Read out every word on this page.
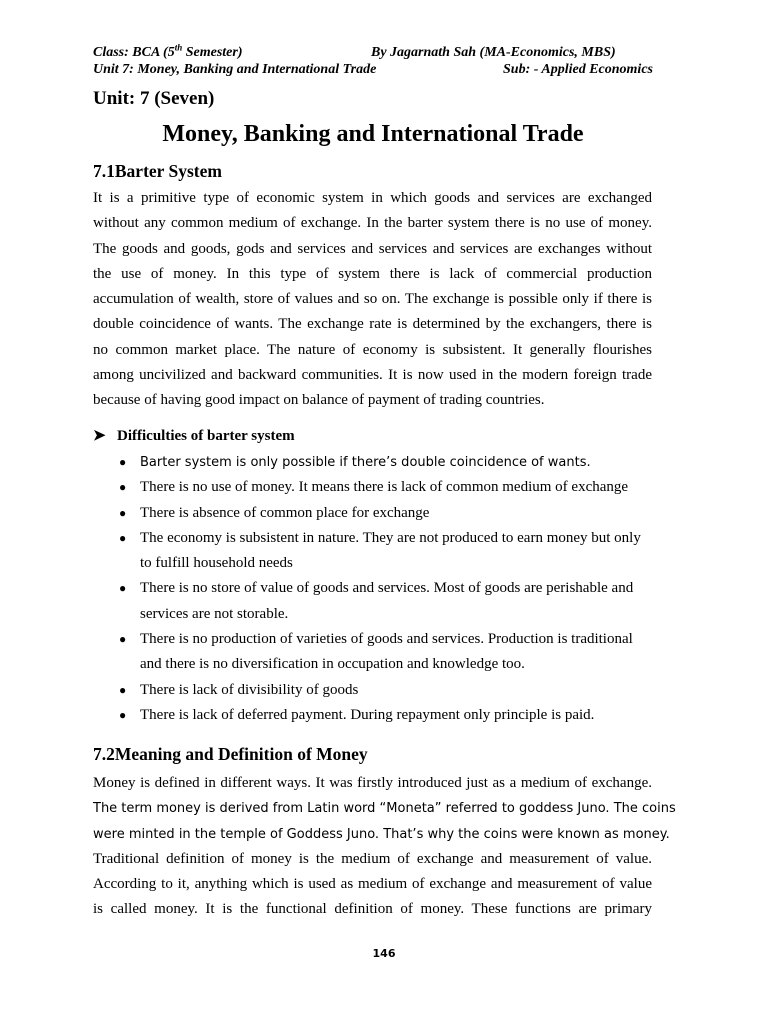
Class: BCA (5th Semester)	By Jagarnath Sah (MA-Economics, MBS)
Unit 7: Money, Banking and International Trade	Sub: - Applied Economics
Unit: 7 (Seven)
Money, Banking and International Trade
7.1Barter System
It is a primitive type of economic system in which goods and services are exchanged
without any common medium of exchange. In the barter system there is no use of money.
The goods and goods, gods and services and services and services are exchanges without
the use of money. In this type of system there is lack of commercial production
accumulation of wealth, store of values and so on. The exchange is possible only if there is
double coincidence of wants. The exchange rate is determined by the exchangers, there is
no common market place. The nature of economy is subsistent. It generally flourishes
among uncivilized and backward communities. It is now used in the modern foreign trade
because of having good impact on balance of payment of trading countries.
➤ Difficulties of barter system
● Barter system is only possible if there’s double coincidence of wants.
● There is no use of money. It means there is lack of common medium of exchange
● There is absence of common place for exchange
● The economy is subsistent in nature. They are not produced to earn money but only to fulfill household needs
● There is no store of value of goods and services. Most of goods are perishable and services are not storable.
● There is no production of varieties of goods and services. Production is traditional and there is no diversification in occupation and knowledge too.
● There is lack of divisibility of goods
● There is lack of deferred payment. During repayment only principle is paid.
7.2Meaning and Definition of Money
Money is defined in different ways. It was firstly introduced just as a medium of exchange.
The term money is derived from Latin word “Moneta” referred to goddess Juno. The coins
were minted in the temple of Goddess Juno. That’s why the coins were known as money.
Traditional definition of money is the medium of exchange and measurement of value.
According to it, anything which is used as medium of exchange and measurement of value
is called money. It is the functional definition of money. These functions are primary
146
